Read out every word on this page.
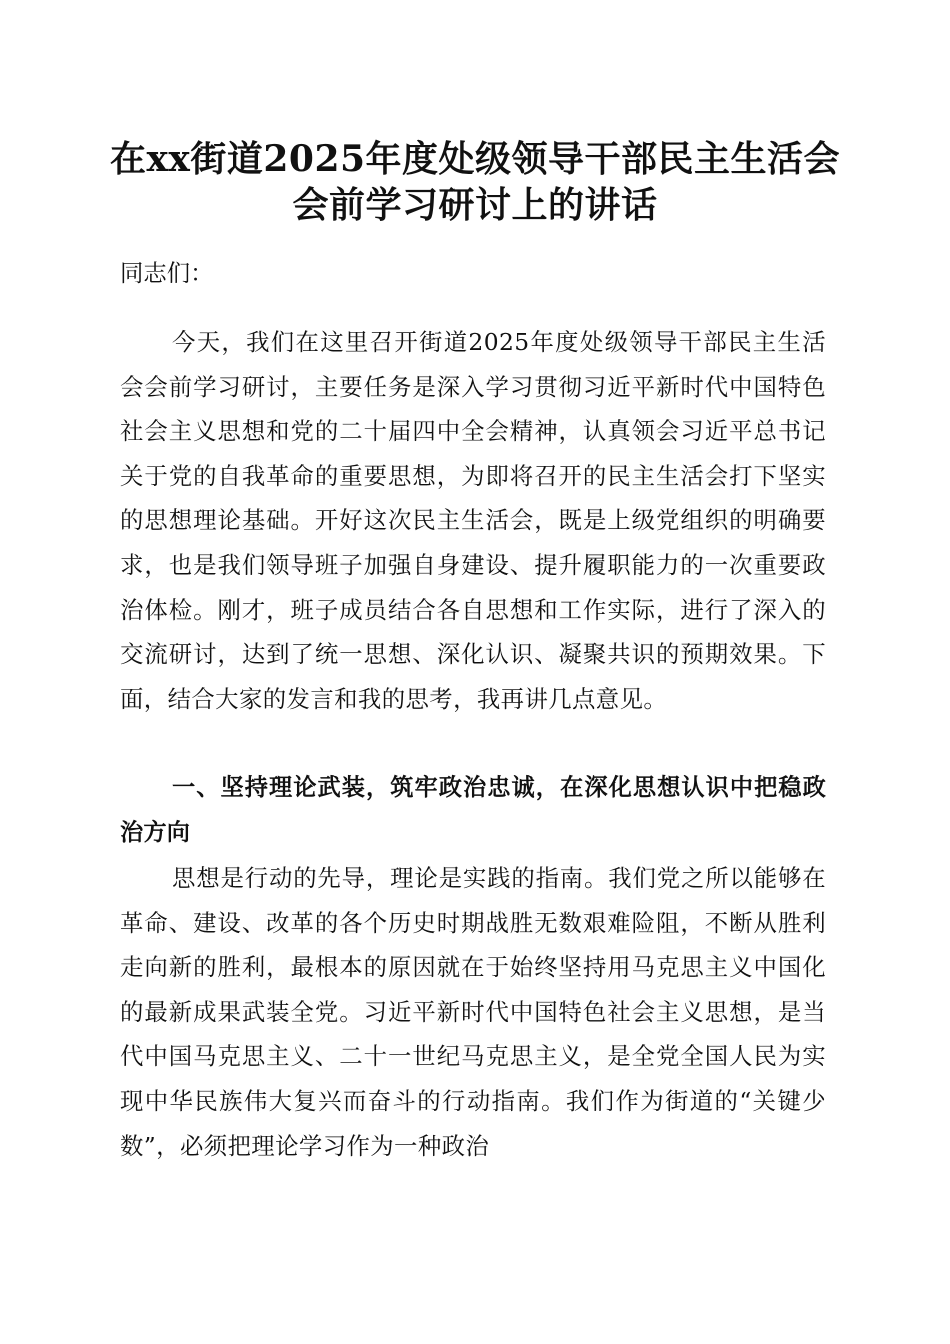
在xx街道2025年度处级领导干部民主生活会
会前学习研讨上的讲话

同志们：

今天，我们在这里召开街道2025年度处级领导干部民主生活会会前学习研讨，主要任务是深入学习贯彻习近平新时代中国特色社会主义思想和党的二十届四中全会精神，认真领会习近平总书记关于党的自我革命的重要思想，为即将召开的民主生活会打下坚实的思想理论基础。开好这次民主生活会，既是上级党组织的明确要求，也是我们领导班子加强自身建设、提升履职能力的一次重要政治体检。刚才，班子成员结合各自思想和工作实际，进行了深入的交流研讨，达到了统一思想、深化认识、凝聚共识的预期效果。下面，结合大家的发言和我的思考，我再讲几点意见。

一、坚持理论武装，筑牢政治忠诚，在深化思想认识中把稳政治方向

思想是行动的先导，理论是实践的指南。我们党之所以能够在革命、建设、改革的各个历史时期战胜无数艰难险阻，不断从胜利走向新的胜利，最根本的原因就在于始终坚持用马克思主义中国化的最新成果武装全党。习近平新时代中国特色社会主义思想，是当代中国马克思主义、二十一世纪马克思主义，是全党全国人民为实现中华民族伟大复兴而奋斗的行动指南。我们作为街道的“关键少数”，必须把理论学习作为一种政治
